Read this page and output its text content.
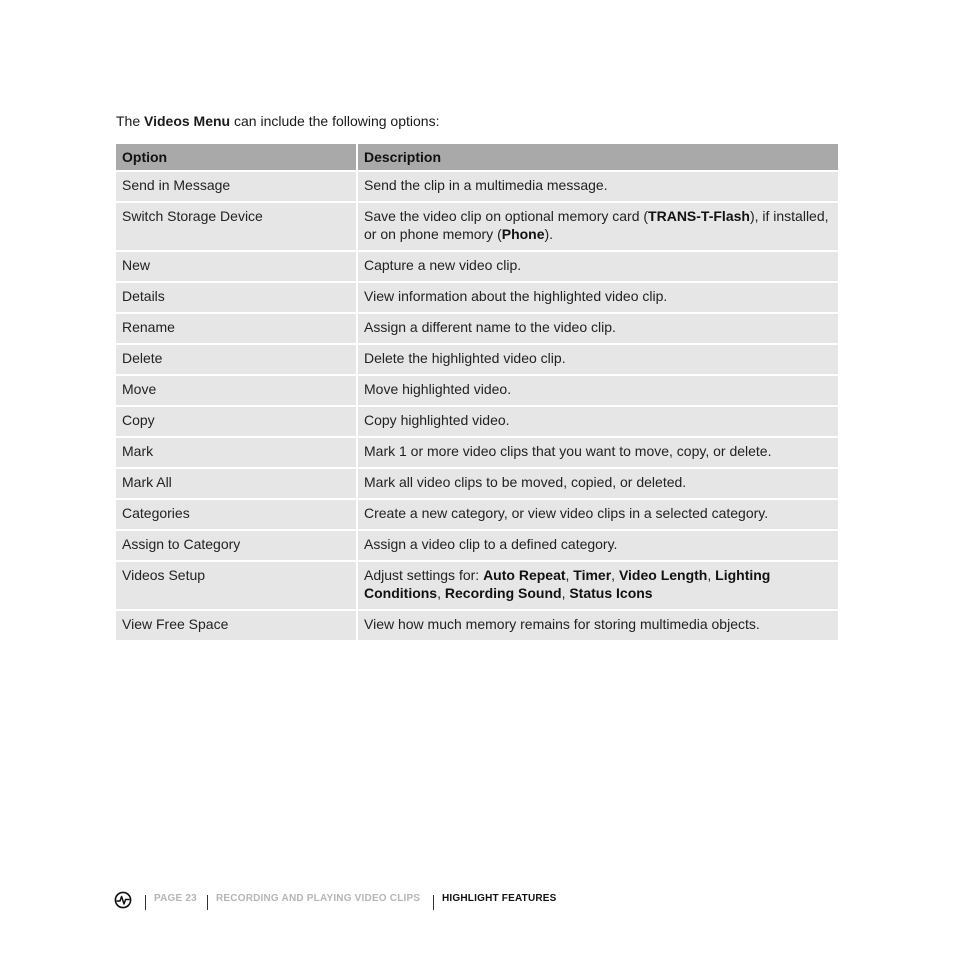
The Videos Menu can include the following options:
Option	Description
Send in Message	Send the clip in a multimedia message.
Switch Storage Device	Save the video clip on optional memory card (TRANS-T-Flash), if installed, or on phone memory (Phone).
New	Capture a new video clip.
Details	View information about the highlighted video clip.
Rename	Assign a different name to the video clip.
Delete	Delete the highlighted video clip.
Move	Move highlighted video.
Copy	Copy highlighted video.
Mark	Mark 1 or more video clips that you want to move, copy, or delete.
Mark All	Mark all video clips to be moved, copied, or deleted.
Categories	Create a new category, or view video clips in a selected category.
Assign to Category	Assign a video clip to a defined category.
Videos Setup	Adjust settings for: Auto Repeat, Timer, Video Length, Lighting Conditions, Recording Sound, Status Icons
View Free Space	View how much memory remains for storing multimedia objects.
PAGE 23 RECORDING AND PLAYING VIDEO CLIPS HIGHLIGHT FEATURES
